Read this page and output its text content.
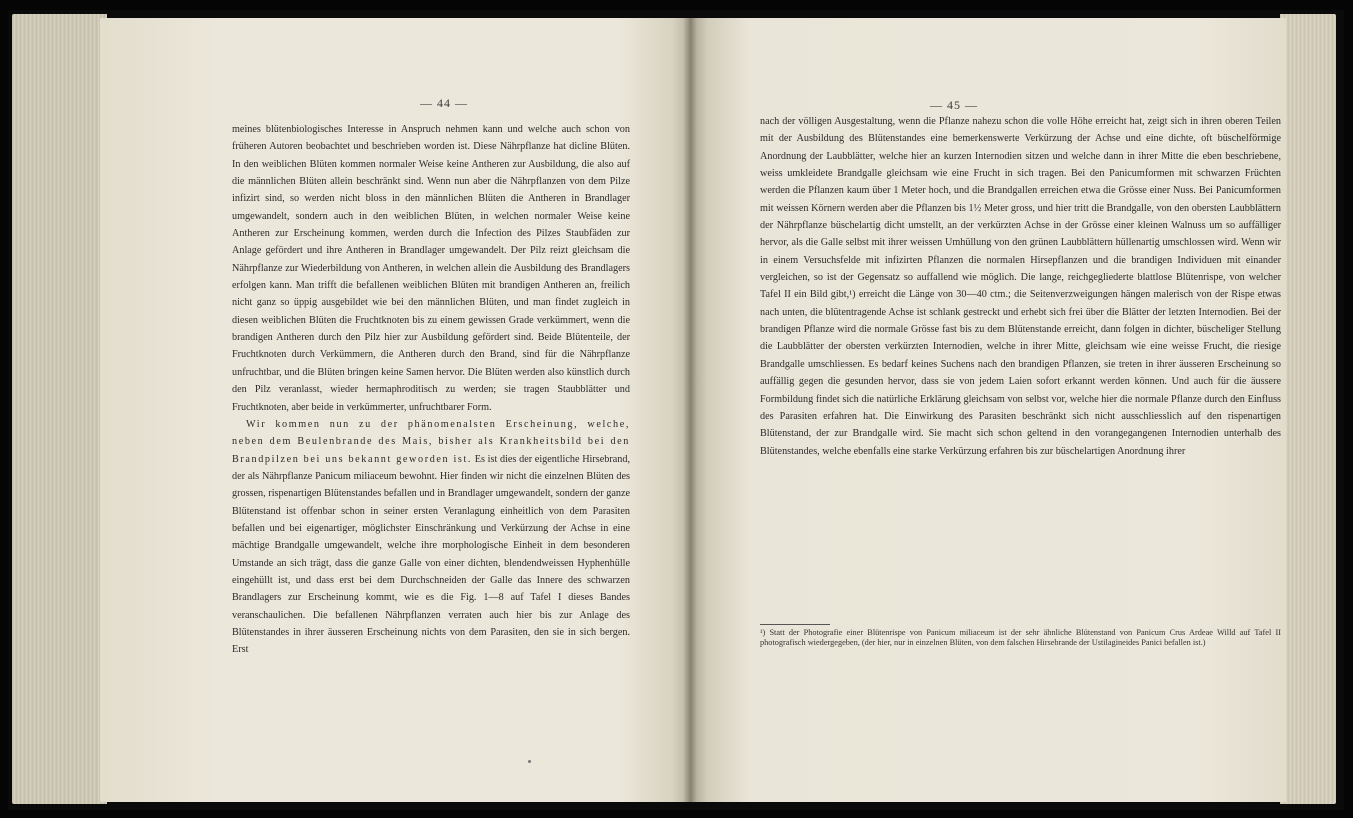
— 44 —

meines blütenbiologisches Interesse in Anspruch nehmen kann und welche auch schon von früheren Autoren beobachtet und beschrieben worden ist. Diese Nährpflanze hat dicline Blüten. In den weiblichen Blüten kommen normaler Weise keine Antheren zur Ausbildung, die also auf die männlichen Blüten allein beschränkt sind. Wenn nun aber die Nährpflanzen von dem Pilze infizirt sind, so werden nicht bloss in den männlichen Blüten die Antheren in Brandlager umgewandelt, sondern auch in den weiblichen Blüten, in welchen normaler Weise keine Antheren zur Erscheinung kommen, werden durch die Infection des Pilzes Staubfäden zur Anlage gefördert und ihre Antheren in Brandlager umgewandelt. Der Pilz reizt gleichsam die Nährpflanze zur Wiederbildung von Antheren, in welchen allein die Ausbildung des Brandlagers erfolgen kann. Man trifft die befallenen weiblichen Blüten mit brandigen Antheren an, freilich nicht ganz so üppig ausgebildet wie bei den männlichen Blüten, und man findet zugleich in diesen weiblichen Blüten die Fruchtknoten bis zu einem gewissen Grade verkümmert, wenn die brandigen Antheren durch den Pilz hier zur Ausbildung gefördert sind. Beide Blütenteile, der Fruchtknoten durch Verkümmern, die Antheren durch den Brand, sind für die Nährpflanze unfruchtbar, und die Blüten bringen keine Samen hervor. Die Blüten werden also künstlich durch den Pilz veranlasst, wieder hermaphroditisch zu werden; sie tragen Staubblätter und Fruchtknoten, aber beide in verkümmerter, unfruchtbarer Form.

Wir kommen nun zu der phänomenalsten Erscheinung, welche, neben dem Beulenbrande des Mais, bisher als Krankheitsbild bei den Brandpilzen bei uns bekannt geworden ist. Es ist dies der eigentliche Hirsebrand, der als Nährpflanze Panicum miliaceum bewohnt. Hier finden wir nicht die einzelnen Blüten des grossen, rispenartigen Blütenstandes befallen und in Brandlager umgewandelt, sondern der ganze Blütenstand ist offenbar schon in seiner ersten Veranlagung einheitlich von dem Parasiten befallen und bei eigenartiger, möglichster Einschränkung und Verkürzung der Achse in eine mächtige Brandgalle umgewandelt, welche ihre morphologische Einheit in dem besonderen Umstande an sich trägt, dass die ganze Galle von einer dichten, blendendweissen Hyphenhülle eingehüllt ist, und dass erst bei dem Durchschneiden der Galle das Innere des schwarzen Brandlagers zur Erscheinung kommt, wie es die Fig. 1—8 auf Tafel I dieses Bandes veranschaulichen. Die befallenen Nährpflanzen verraten auch hier bis zur Anlage des Blütenstandes in ihrer äusseren Erscheinung nichts von dem Parasiten, den sie in sich bergen. Erst

— 45 —

nach der völligen Ausgestaltung, wenn die Pflanze nahezu schon die volle Höhe erreicht hat, zeigt sich in ihren oberen Teilen mit der Ausbildung des Blütenstandes eine bemerkenswerte Verkürzung der Achse und eine dichte, oft büschelförmige Anordnung der Laubblätter, welche hier an kurzen Internodien sitzen und welche dann in ihrer Mitte die eben beschriebene, weiss umkleidete Brandgalle gleichsam wie eine Frucht in sich tragen. Bei den Panicumformen mit schwarzen Früchten werden die Pflanzen kaum über 1 Meter hoch, und die Brandgallen erreichen etwa die Grösse einer Nuss. Bei Panicumformen mit weissen Körnern werden aber die Pflanzen bis 1½ Meter gross, und hier tritt die Brandgalle, von den obersten Laubblättern der Nährpflanze büschelartig dicht umstellt, an der verkürzten Achse in der Grösse einer kleinen Walnuss um so auffälliger hervor, als die Galle selbst mit ihrer weissen Umhüllung von den grünen Laubblättern hüllenartig umschlossen wird. Wenn wir in einem Versuchsfelde mit infizirten Pflanzen die normalen Hirsepflanzen und die brandigen Individuen mit einander vergleichen, so ist der Gegensatz so auffallend wie möglich. Die lange, reichgegliederte blattlose Blütenrispe, von welcher Tafel II ein Bild gibt,¹) erreicht die Länge von 30—40 ctm.; die Seitenverzweigungen hängen malerisch von der Rispe etwas nach unten, die blütentragende Achse ist schlank gestreckt und erhebt sich frei über die Blätter der letzten Internodien. Bei der brandigen Pflanze wird die normale Grösse fast bis zu dem Blütenstande erreicht, dann folgen in dichter, büscheliger Stellung die Laubblätter der obersten verkürzten Internodien, welche in ihrer Mitte, gleichsam wie eine weisse Frucht, die riesige Brandgalle umschliessen. Es bedarf keines Suchens nach den brandigen Pflanzen, sie treten in ihrer äusseren Erscheinung so auffällig gegen die gesunden hervor, dass sie von jedem Laien sofort erkannt werden können. Und auch für die äussere Formbildung findet sich die natürliche Erklärung gleichsam von selbst vor, welche hier die normale Pflanze durch den Einfluss des Parasiten erfahren hat. Die Einwirkung des Parasiten beschränkt sich nicht ausschliesslich auf den rispenartigen Blütenstand, der zur Brandgalle wird. Sie macht sich schon geltend in den vorangegangenen Internodien unterhalb des Blütenstandes, welche ebenfalls eine starke Verkürzung erfahren bis zur büschelartigen Anordnung ihrer

¹) Statt der Photografie einer Blütenrispe von Panicum miliaceum ist der sehr ähnliche Blütenstand von Panicum Crus Ardeae Willd auf Tafel II photografisch wiedergegeben, (der hier, nur in einzelnen Blüten, von dem falschen Hirsebrande der Ustilagineides Panici befallen ist.)
